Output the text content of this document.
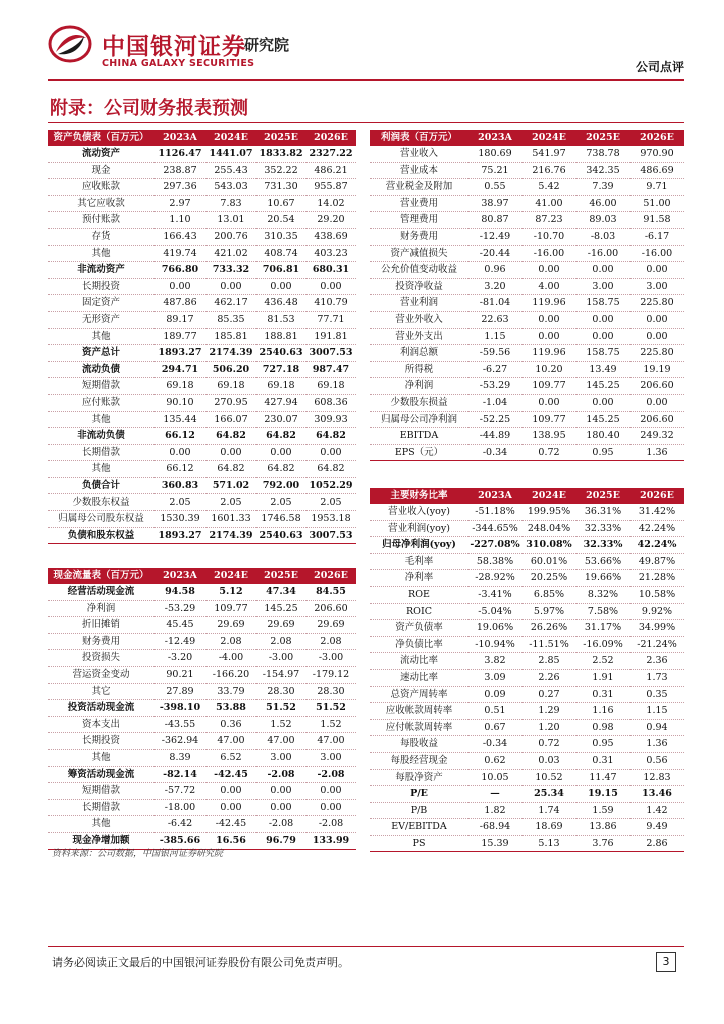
中国银河证券
研究院
CHINA GALAXY SECURITIES	公司点评
附录：公司财务报表预测
资产负债表（百万元）	2023A	2024E	2025E	2026E
流动资产	1126.47	1441.07	1833.82	2327.22
现金	238.87	255.43	352.22	486.21
应收账款	297.36	543.03	731.30	955.87
其它应收款	2.97	7.83	10.67	14.02
预付账款	1.10	13.01	20.54	29.20
存货	166.43	200.76	310.35	438.69
其他	419.74	421.02	408.74	403.23
非流动资产	766.80	733.32	706.81	680.31
长期投资	0.00	0.00	0.00	0.00
固定资产	487.86	462.17	436.48	410.79
无形资产	89.17	85.35	81.53	77.71
其他	189.77	185.81	188.81	191.81
资产总计	1893.27	2174.39	2540.63	3007.53
流动负债	294.71	506.20	727.18	987.47
短期借款	69.18	69.18	69.18	69.18
应付账款	90.10	270.95	427.94	608.36
其他	135.44	166.07	230.07	309.93
非流动负债	66.12	64.82	64.82	64.82
长期借款	0.00	0.00	0.00	0.00
其他	66.12	64.82	64.82	64.82
负债合计	360.83	571.02	792.00	1052.29
少数股东权益	2.05	2.05	2.05	2.05
归属母公司股东权益	1530.39	1601.33	1746.58	1953.18
负债和股东权益	1893.27	2174.39	2540.63	3007.53
利润表（百万元）	2023A	2024E	2025E	2026E
营业收入	180.69	541.97	738.78	970.90
营业成本	75.21	216.76	342.35	486.69
营业税金及附加	0.55	5.42	7.39	9.71
营业费用	38.97	41.00	46.00	51.00
管理费用	80.87	87.23	89.03	91.58
财务费用	-12.49	-10.70	-8.03	-6.17
资产减值损失	-20.44	-16.00	-16.00	-16.00
公允价值变动收益	0.96	0.00	0.00	0.00
投资净收益	3.20	4.00	3.00	3.00
营业利润	-81.04	119.96	158.75	225.80
营业外收入	22.63	0.00	0.00	0.00
营业外支出	1.15	0.00	0.00	0.00
利润总额	-59.56	119.96	158.75	225.80
所得税	-6.27	10.20	13.49	19.19
净利润	-53.29	109.77	145.25	206.60
少数股东损益	-1.04	0.00	0.00	0.00
归属母公司净利润	-52.25	109.77	145.25	206.60
EBITDA	-44.89	138.95	180.40	249.32
EPS（元）	-0.34	0.72	0.95	1.36
现金流量表（百万元）	2023A	2024E	2025E	2026E
经营活动现金流	94.58	5.12	47.34	84.55
净利润	-53.29	109.77	145.25	206.60
折旧摊销	45.45	29.69	29.69	29.69
财务费用	-12.49	2.08	2.08	2.08
投资损失	-3.20	-4.00	-3.00	-3.00
营运资金变动	90.21	-166.20	-154.97	-179.12
其它	27.89	33.79	28.30	28.30
投资活动现金流	-398.10	53.88	51.52	51.52
资本支出	-43.55	0.36	1.52	1.52
长期投资	-362.94	47.00	47.00	47.00
其他	8.39	6.52	3.00	3.00
筹资活动现金流	-82.14	-42.45	-2.08	-2.08
短期借款	-57.72	0.00	0.00	0.00
长期借款	-18.00	0.00	0.00	0.00
其他	-6.42	-42.45	-2.08	-2.08
现金净增加额	-385.66	16.56	96.79	133.99
主要财务比率	2023A	2024E	2025E	2026E
营业收入(yoy)	-51.18%	199.95%	36.31%	31.42%
营业利润(yoy)	-344.65%	248.04%	32.33%	42.24%
归母净利润(yoy)	-227.08%	310.08%	32.33%	42.24%
毛利率	58.38%	60.01%	53.66%	49.87%
净利率	-28.92%	20.25%	19.66%	21.28%
ROE	-3.41%	6.85%	8.32%	10.58%
ROIC	-5.04%	5.97%	7.58%	9.92%
资产负债率	19.06%	26.26%	31.17%	34.99%
净负债比率	-10.94%	-11.51%	-16.09%	-21.24%
流动比率	3.82	2.85	2.52	2.36
速动比率	3.09	2.26	1.91	1.73
总资产周转率	0.09	0.27	0.31	0.35
应收帐款周转率	0.51	1.29	1.16	1.15
应付帐款周转率	0.67	1.20	0.98	0.94
每股收益	-0.34	0.72	0.95	1.36
每股经营现金	0.62	0.03	0.31	0.56
每股净资产	10.05	10.52	11.47	12.83
P/E	—	25.34	19.15	13.46
P/B	1.82	1.74	1.59	1.42
EV/EBITDA	-68.94	18.69	13.86	9.49
PS	15.39	5.13	3.76	2.86
资料来源：公司数据，中国银河证券研究院
请务必阅读正文最后的中国银河证券股份有限公司免责声明。	3
